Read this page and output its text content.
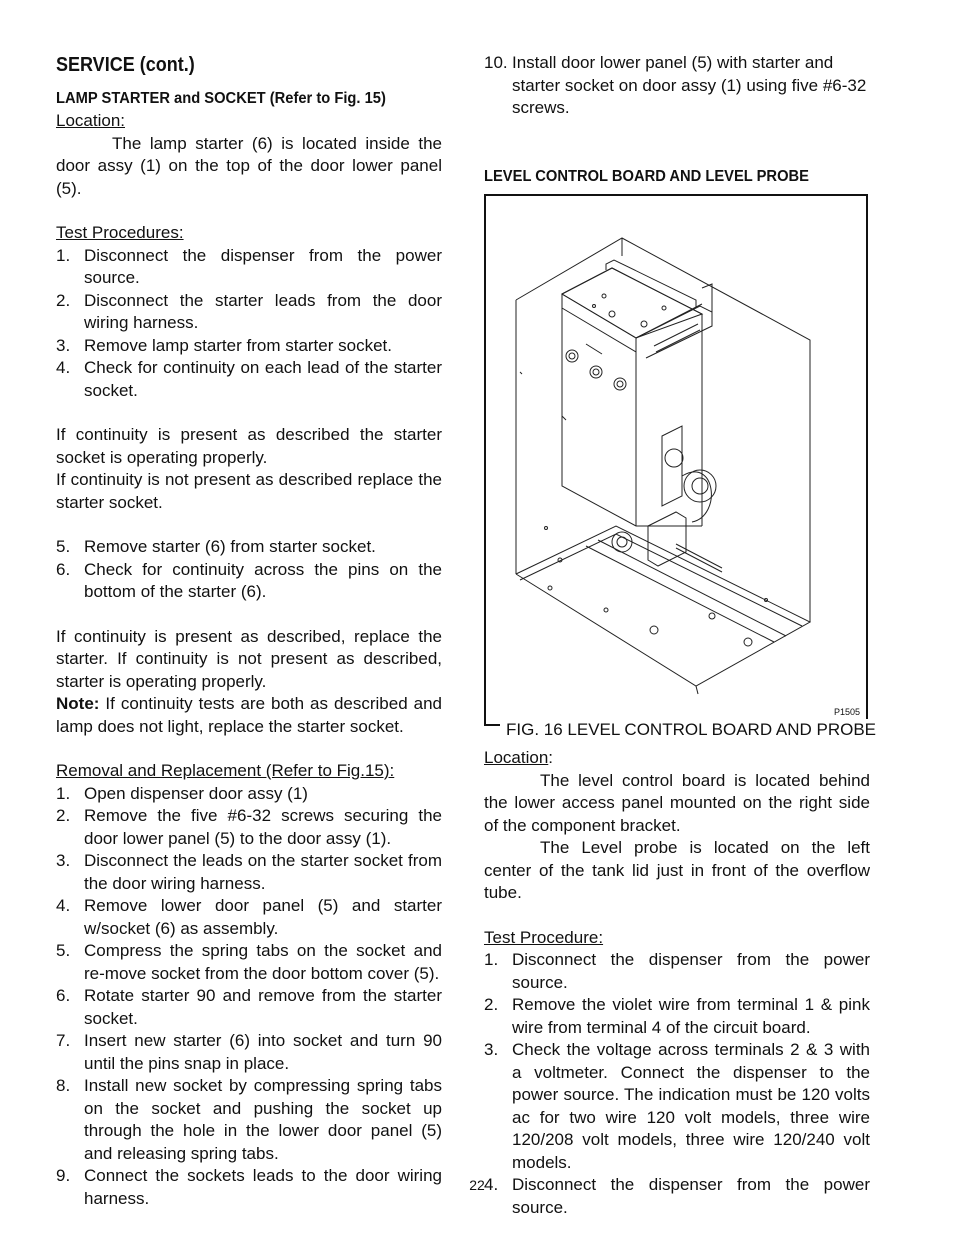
SERVICE (cont.)
LAMP STARTER and SOCKET (Refer to Fig. 15)
Location:

The lamp starter (6) is located inside the door assy (1) on the top of the door lower panel (5).

Test Procedures:
1. Disconnect the dispenser from the power source.
2. Disconnect the starter leads from the door wiring harness.
3. Remove lamp starter from starter socket.
4. Check for continuity on each lead of the starter socket.

If continuity is present as described the starter socket is operating properly.

If continuity is not present as described replace the starter socket.

5. Remove starter (6) from starter socket.
6. Check for continuity across the pins on the bottom of the starter (6).

If continuity is present as described, replace the starter. If continuity is not present as described, starter is operating properly.

Note: If continuity tests are both as described and lamp does not light, replace the starter socket.

Removal and Replacement (Refer to Fig.15):
1. Open dispenser door assy (1)
2. Remove the five #6-32 screws securing the door lower panel (5) to the door assy (1).
3. Disconnect the leads on the starter socket from the door wiring harness.
4. Remove lower door panel (5) and starter w/socket (6) as assembly.
5. Compress the spring tabs on the socket and re-move socket from the door bottom cover (5).
6. Rotate starter 90 and remove from the starter socket.
7. Insert new starter (6) into socket and turn 90 until the pins snap in place.
8. Install new socket by compressing spring tabs on the socket and pushing the socket up through the hole in the lower door panel (5) and releasing spring tabs.
9. Connect the sockets leads to the door wiring harness.
10. Install door lower panel (5) with starter and starter socket on door assy (1) using five #6-32 screws.
LEVEL CONTROL BOARD AND LEVEL PROBE
P1505
FIG. 16 LEVEL CONTROL BOARD AND PROBE
Location:

The level control board is located behind the lower access panel mounted on the right side of the component bracket.

The Level probe is located on the left center of the tank lid just in front of the overflow tube.

Test Procedure:
1. Disconnect the dispenser from the power source.
2. Remove the violet wire from terminal 1 & pink wire from terminal 4 of the circuit board.
3. Check the voltage across terminals 2 & 3 with a voltmeter. Connect the dispenser to the power source. The indication must be 120 volts ac for two wire 120 volt models, three wire 120/208 volt models, three wire 120/240 volt models.
4. Disconnect the dispenser from the power source.
22
